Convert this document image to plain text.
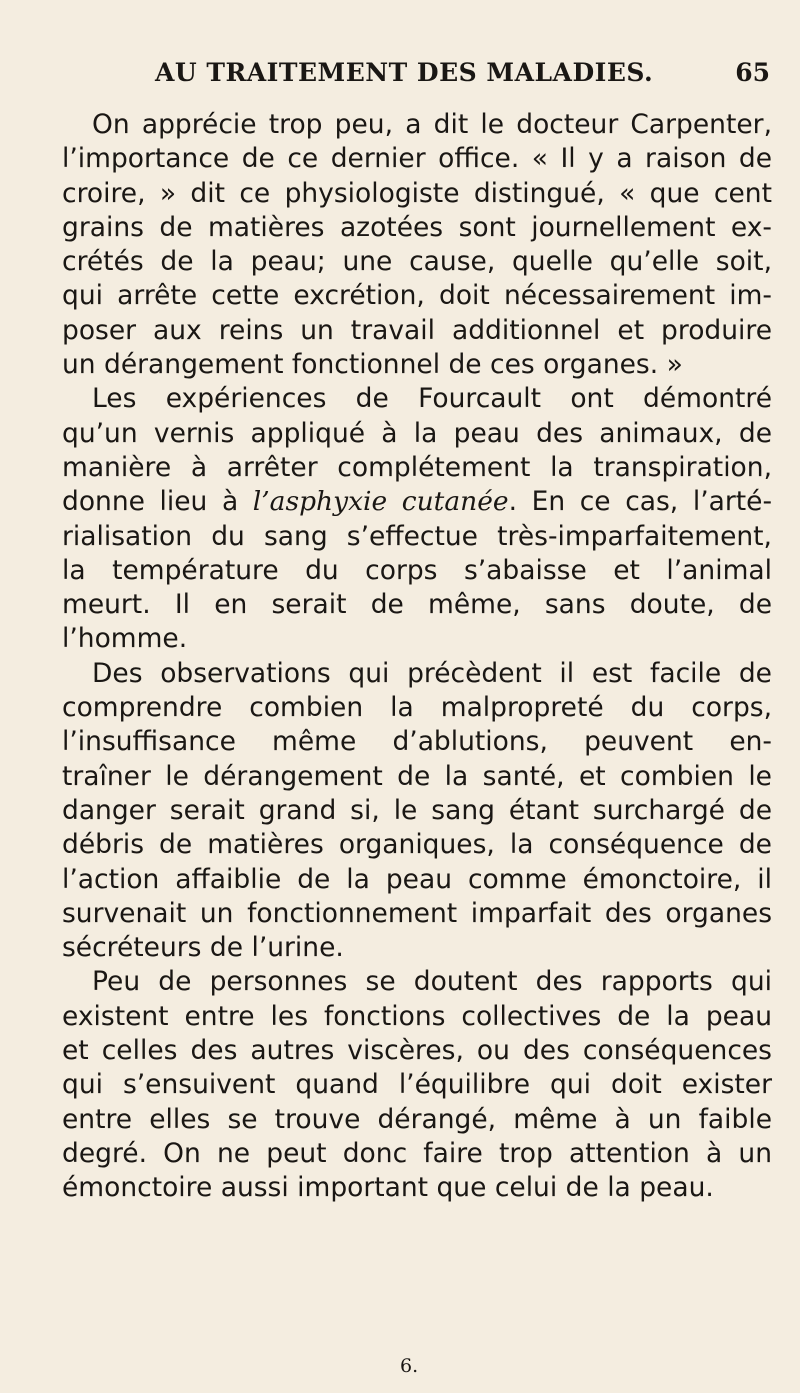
AU TRAITEMENT DES MALADIES.	65
On apprécie trop peu, a dit le docteur Carpenter,
l’importance de ce dernier office. « Il y a raison de
croire, » dit ce physiologiste distingué, « que cent
grains de matières azotées sont journellement ex-
crétés de la peau; une cause, quelle qu’elle soit,
qui arrête cette excrétion, doit nécessairement im-
poser aux reins un travail additionnel et produire
un dérangement fonctionnel de ces organes. »
Les expériences de Fourcault ont démontré
qu’un vernis appliqué à la peau des animaux, de
manière à arrêter complétement la transpiration,
donne lieu à l’asphyxie cutanée. En ce cas, l’arté-
rialisation du sang s’effectue très-imparfaitement,
la température du corps s’abaisse et l’animal
meurt. Il en serait de même, sans doute, de
l’homme.
Des observations qui précèdent il est facile de
comprendre combien la malpropreté du corps,
l’insuffisance même d’ablutions, peuvent en-
traîner le dérangement de la santé, et combien le
danger serait grand si, le sang étant surchargé de
débris de matières organiques, la conséquence de
l’action affaiblie de la peau comme émonctoire, il
survenait un fonctionnement imparfait des organes
sécréteurs de l’urine.
Peu de personnes se doutent des rapports qui
existent entre les fonctions collectives de la peau
et celles des autres viscères, ou des conséquences
qui s’ensuivent quand l’équilibre qui doit exister
entre elles se trouve dérangé, même à un faible
degré. On ne peut donc faire trop attention à un
émonctoire aussi important que celui de la peau.
6.
